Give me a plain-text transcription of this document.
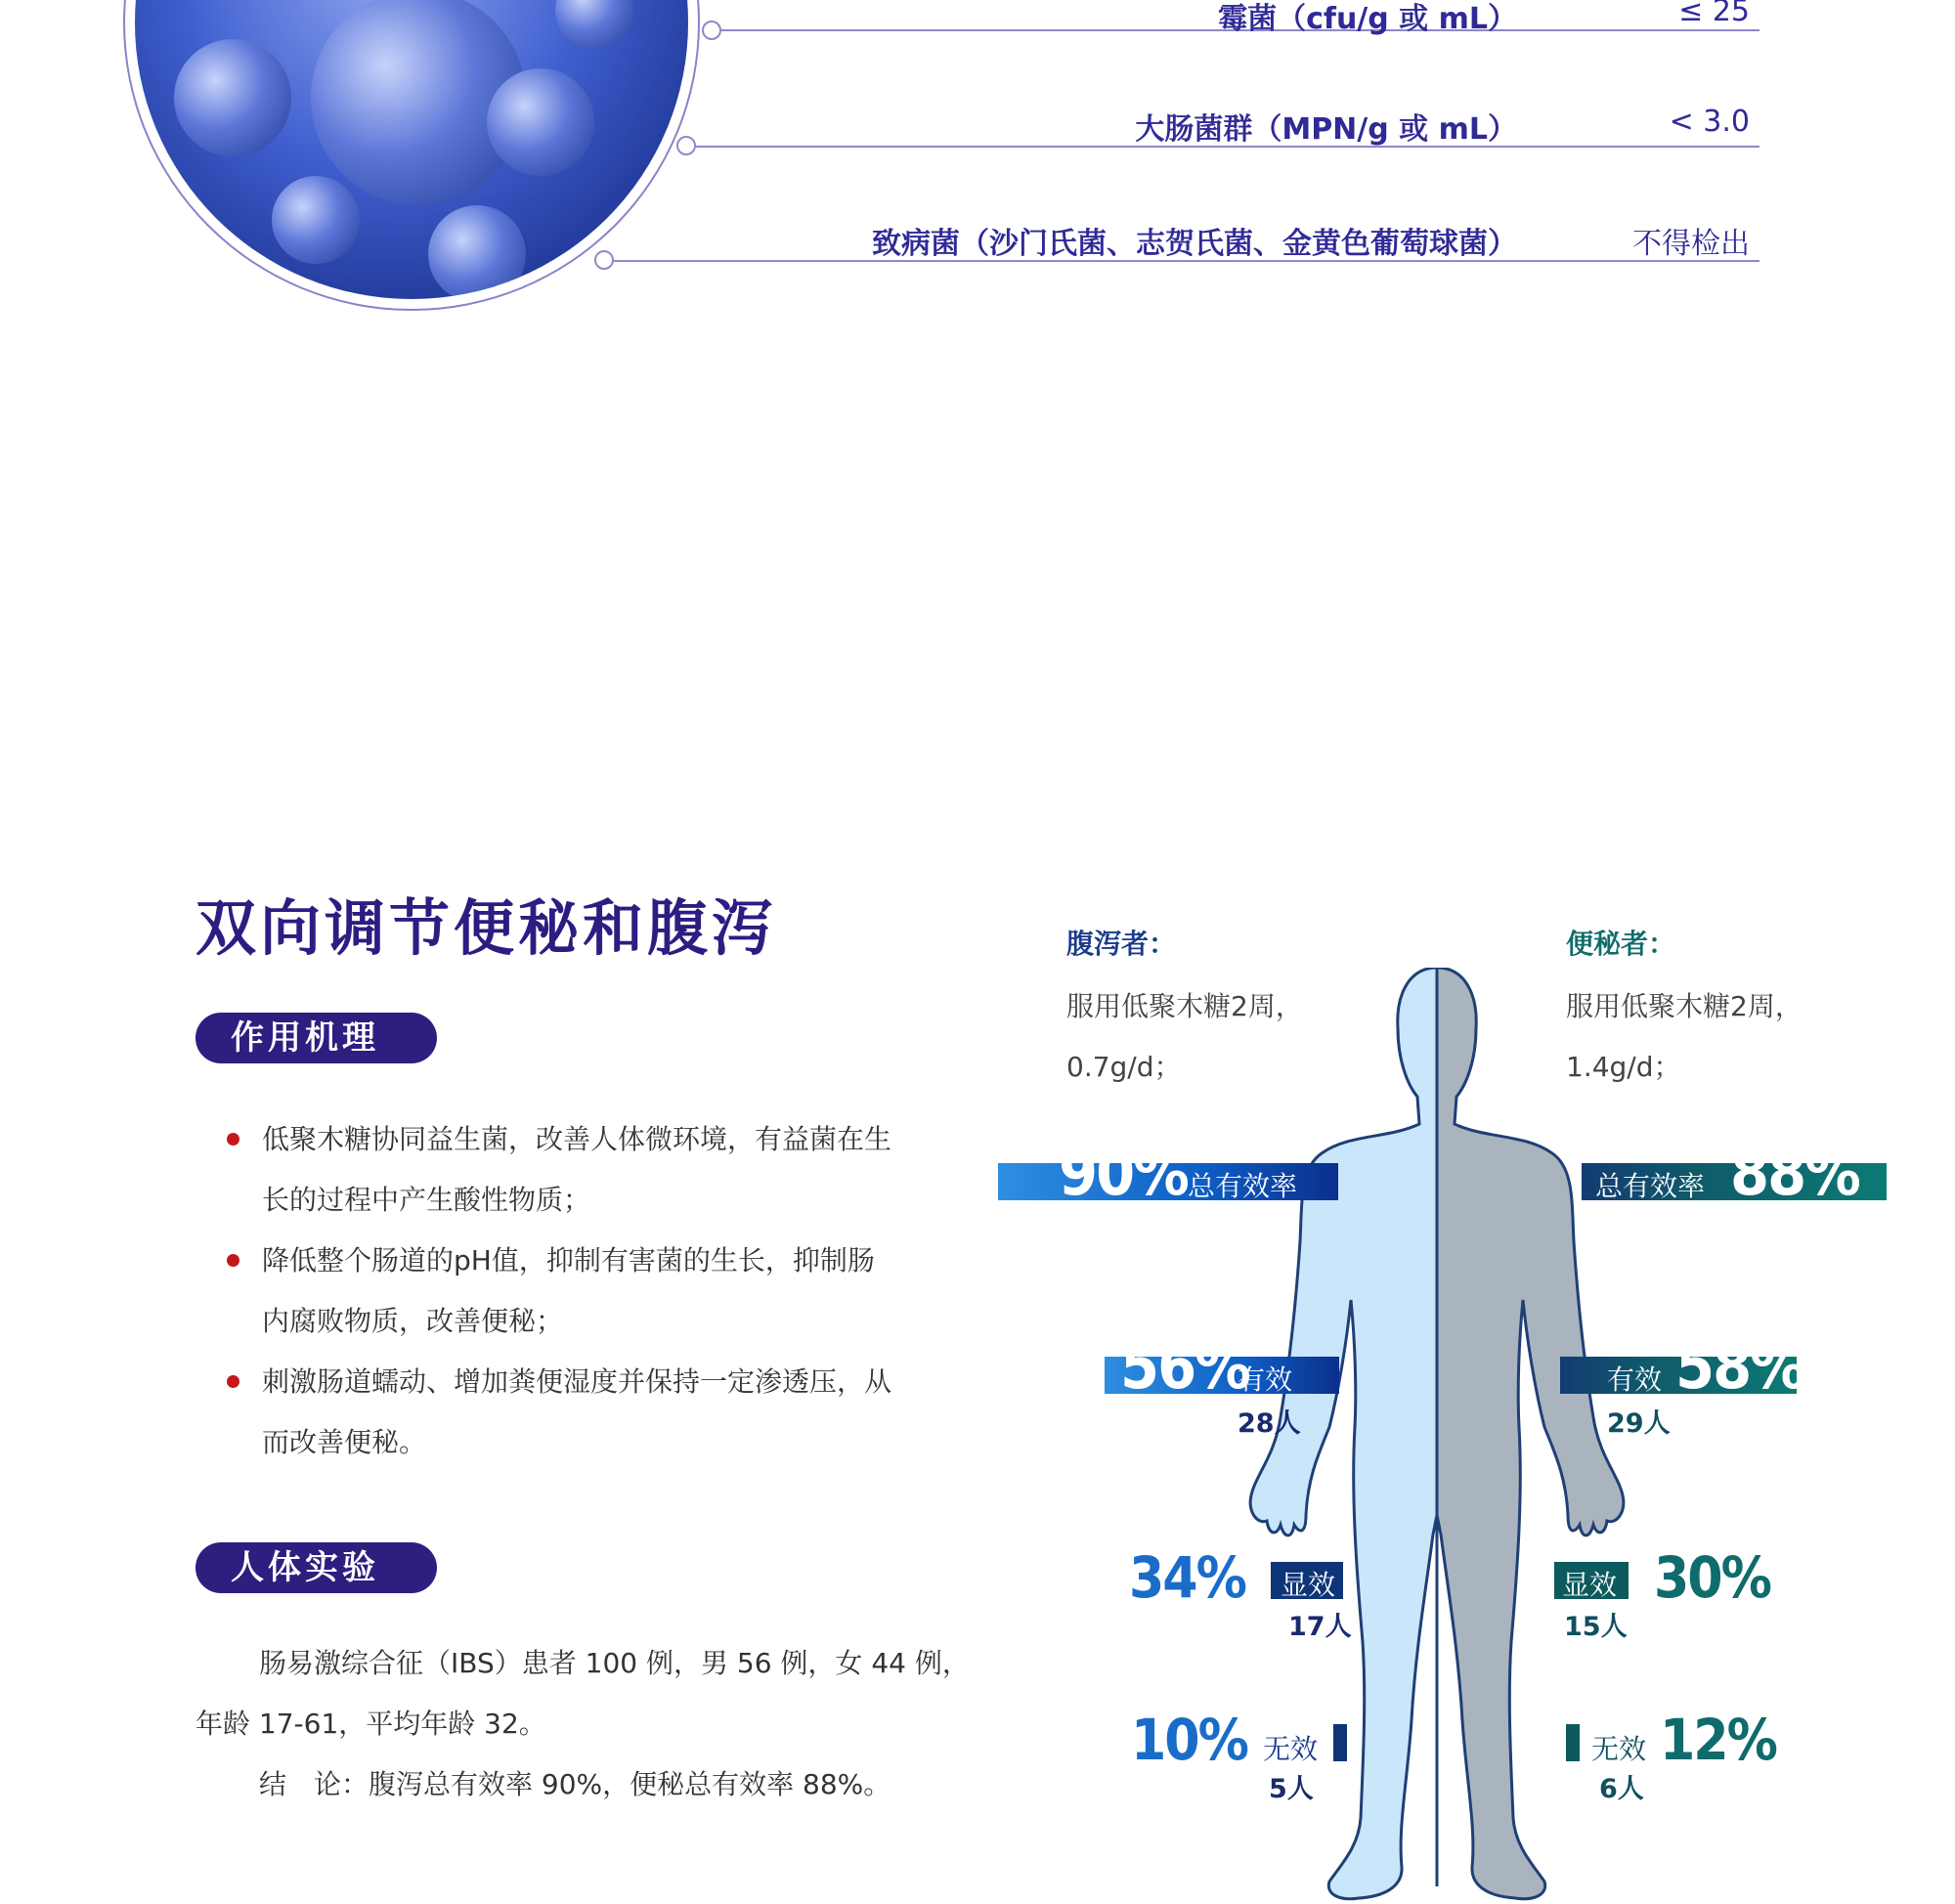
霉菌（cfu/g 或 mL）	≤ 25
大肠菌群（MPN/g 或 mL）	< 3.0
致病菌（沙门氏菌、志贺氏菌、金黄色葡萄球菌）	不得检出
双向调节便秘和腹泻
作用机理
低聚木糖协同益生菌，改善人体微环境，有益菌在生
长的过程中产生酸性物质；
降低整个肠道的pH值，抑制有害菌的生长，抑制肠
内腐败物质，改善便秘；
刺激肠道蠕动、增加粪便湿度并保持一定渗透压，从
而改善便秘。
人体实验
肠易激综合征（IBS）患者 100 例，男 56 例，女 44 例，
年龄 17-61，平均年龄 32。
结　论：腹泻总有效率 90%，便秘总有效率 88%。
腹泻者：
服用低聚木糖2周，
0.7g/d；
便秘者：
服用低聚木糖2周，
1.4g/d；
90% 总有效率	总有效率 88%
56%
有效
28人
有效 58%
29人
34% 显效
17人
显效 30%
15人
10% 无效
5人
无效 12%
6人
